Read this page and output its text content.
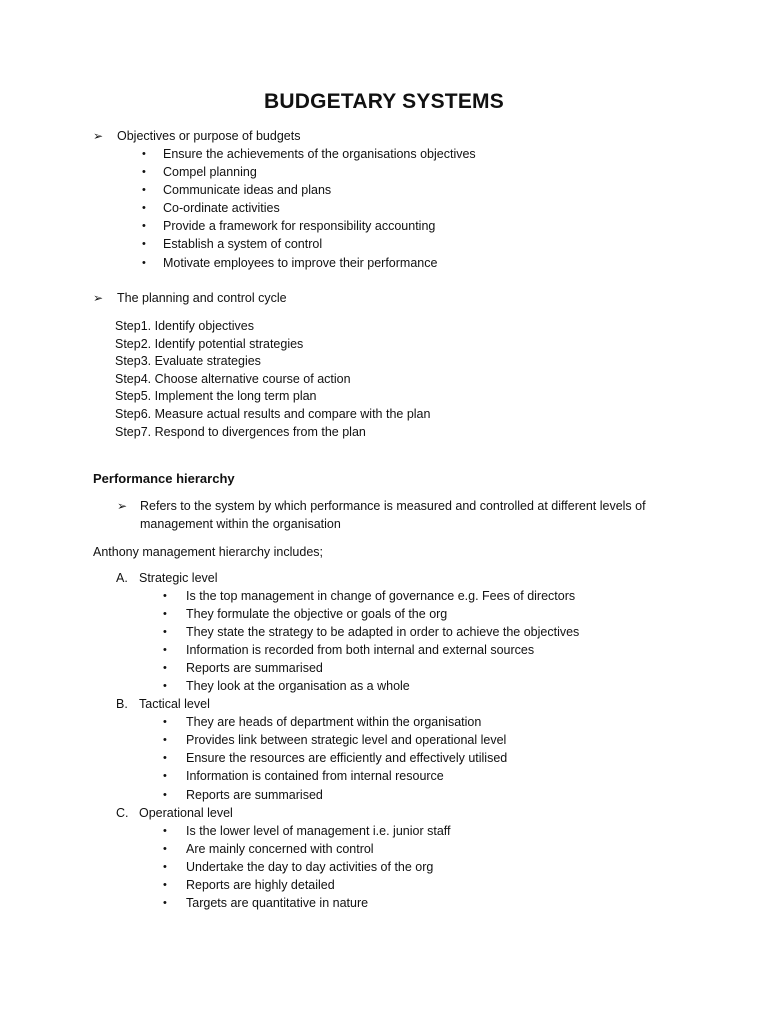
BUDGETARY SYSTEMS
➢ Objectives or purpose of budgets
• Ensure the achievements of the organisations objectives
• Compel planning
• Communicate ideas and plans
• Co-ordinate activities
• Provide a framework for responsibility accounting
• Establish a system of control
• Motivate employees to improve their performance
➢ The planning and control cycle
Step1. Identify objectives
Step2. Identify potential strategies
Step3. Evaluate strategies
Step4. Choose alternative course of action
Step5. Implement the long term plan
Step6. Measure actual results and compare with the plan
Step7. Respond to divergences from the plan
Performance hierarchy
➢ Refers to the system by which performance is measured and controlled at different levels of
management within the organisation
Anthony management hierarchy includes;
A. Strategic level
• Is the top management in change of governance e.g. Fees of directors
• They formulate the objective or goals of the org
• They state the strategy to be adapted in order to achieve the objectives
• Information is recorded from both internal and external sources
• Reports are summarised
• They look at the organisation as a whole
B. Tactical level
• They are heads of department within the organisation
• Provides link between strategic level and operational level
• Ensure the resources are efficiently and effectively utilised
• Information is contained from internal resource
• Reports are summarised
C. Operational level
• Is the lower level of management i.e. junior staff
• Are mainly concerned with control
• Undertake the day to day activities of the org
• Reports are highly detailed
• Targets are quantitative in nature
